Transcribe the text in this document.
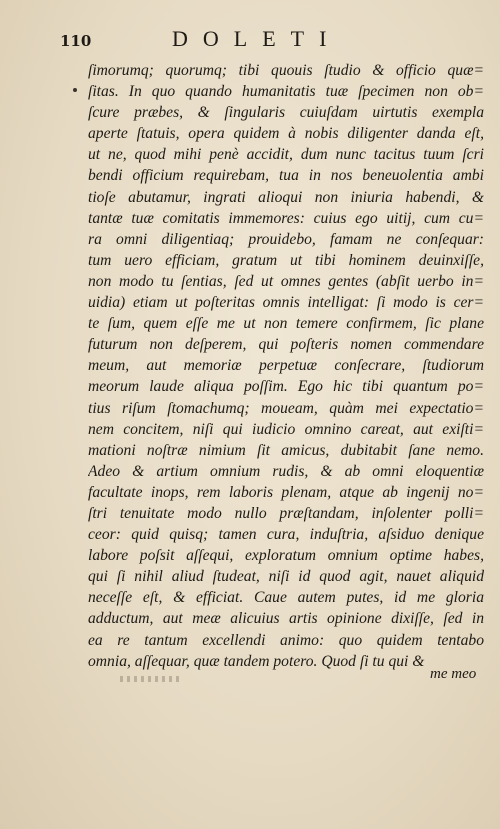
110	DOLETI
ſimorumq; quorumq; tibi quouis ſtudio & officio quæ=
ſitas. In quo quando humanitatis tuæ ſpecimen non ob=
ſcure præbes, & ſingularis cuiuſdam uirtutis exempla
aperte ſtatuis, opera quidem à nobis diligenter danda eſt,
ut ne, quod mihi penè accidit, dum nunc tacitus tuum ſcri
bendi officium requirebam, tua in nos beneuolentia ambi
tioſe abutamur, ingrati alioqui non iniuria habendi, &
tantæ tuæ comitatis immemores: cuius ego uitij, cum cu=
ra omni diligentiaq; prouidebo, famam ne conſequar:
tum uero efficiam, gratum ut tibi hominem deuinxiſſe,
non modo tu ſentias, ſed ut omnes gentes (abſit uerbo in=
uidia) etiam ut poſteritas omnis intelligat: ſi modo is cer=
te ſum, quem eſſe me ut non temere confirmem, ſic plane
futurum non deſperem, qui poſteris nomen commendare
meum, aut memoriæ perpetuæ conſecrare, ſtudiorum
meorum laude aliqua poſſim. Ego hic tibi quantum po=
tius riſum ſtomachumq; moueam, quàm mei expectatio=
nem concitem, niſi qui iudicio omnino careat, aut exiſti=
mationi noſtræ nimium ſit amicus, dubitabit ſane nemo.
Adeo & artium omnium rudis, & ab omni eloquentiæ
facultate inops, rem laboris plenam, atque ab ingenij no=
ſtri tenuitate modo nullo præſtandam, inſolenter polli=
ceor: quid quisq; tamen cura, induſtria, aſsiduo denique
labore poſsit aſſequi, exploratum omnium optime habes,
qui ſi nihil aliud ſtudeat, niſi id quod agit, nauet aliquid
neceſſe eſt, & efficiat. Caue autem putes, id me gloria
adductum, aut meæ alicuius artis opinione dixiſſe, ſed in
ea re tantum excellendi animo: quo quidem tentabo
omnia, aſſequar, quæ tandem potero. Quod ſi tu qui &
me meo
